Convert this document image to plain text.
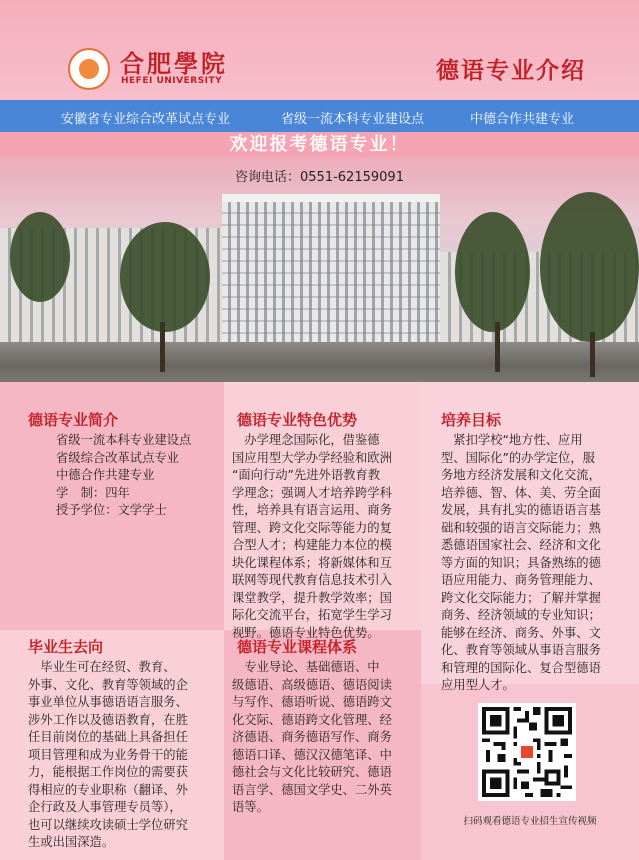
合肥學院
HEFEI UNIVERSITY	德语专业介绍
安徽省专业综合改革试点专业	省级一流本科专业建设点	中德合作共建专业
欢迎报考德语专业！
咨询电话：0551-62159091
德语专业简介

省级一流本科专业建设点

省级综合改革试点专业

中德合作共建专业

学　制：四年

授予学位：文学学士

德语专业特色优势

　办学理念国际化，借鉴德

国应用型大学办学经验和欧洲

“面向行动”先进外语教育教

学理念；强调人才培养跨学科

性，培养具有语言运用、商务

管理、跨文化交际等能力的复

合型人才；构建能力本位的模

块化课程体系；将新媒体和互

联网等现代教育信息技术引入

课堂教学，提升教学效率；国

际化交流平台，拓宽学生学习

视野。德语专业特色优势。

培养目标

　紧扣学校“地方性、应用

型、国际化”的办学定位，服

务地方经济发展和文化交流，

培养德、智、体、美、劳全面

发展，具有扎实的德语语言基

础和较强的语言交际能力；熟

悉德语国家社会、经济和文化

等方面的知识；具备熟练的德

语应用能力、商务管理能力、

跨文化交际能力；了解并掌握

商务、经济领域的专业知识；

能够在经济、商务、外事、文

化、教育等领域从事语言服务

和管理的国际化、复合型德语

应用型人才。

毕业生去向

　毕业生可在经贸、教育、

外事、文化、教育等领域的企

事业单位从事德语语言服务、

涉外工作以及德语教育，在胜

任目前岗位的基础上具备担任

项目管理和成为业务骨干的能

力，能根据工作岗位的需要获

得相应的专业职称（翻译、外

企行政及人事管理专员等），

也可以继续攻读硕士学位研究

生或出国深造。

德语专业课程体系

　专业导论、基础德语、中

级德语、高级德语、德语阅读

与写作、德语听说、德语跨文

化交际、德语跨文化管理、经

济德语、商务德语写作、商务

德语口译、德汉汉德笔译、中

德社会与文化比较研究、德语

语言学、德国文学史、二外英

语等。

扫码观看德语专业招生宣传视频
